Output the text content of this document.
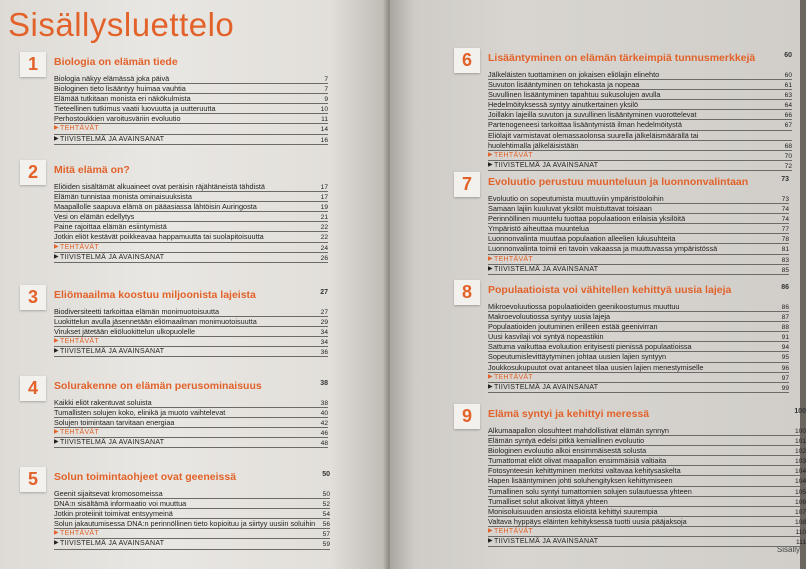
Sisällysluettelo
1	Biologia on elämän tiede
Biologia näkyy elämässä joka päivä	7
Biologinen tieto lisääntyy huimaa vauhtia	7
Elämää tutkitaan monista eri näkökulmista	9
Tieteellinen tutkimus vaatii luovuutta ja uutteruutta	10
Perhostoukkien varoitusväriin evoluutio	11
▶ TEHTÄVÄT	14
▶ TIIVISTELMÄ JA AVAINSANAT	16
2	Mitä elämä on?
Eliöiden sisältämät alkuaineet ovat peräisin räjähtäneistä tähdistä	17
Elämän tunnistaa monista ominaisuuksista	17
Maapallolle saapuva elämä on pääasiassa lähtöisin Auringosta	19
Vesi on elämän edellytys	21
Paine rajoittaa elämän esiintymistä	22
Jotkin eliöt kestävät poikkeavaa happamuutta tai suolapitoisuutta	22
▶ TEHTÄVÄT	24
▶ TIIVISTELMÄ JA AVAINSANAT	26
3	Eliömaailma koostuu miljoonista lajeista	27
Biodiversiteetti tarkoittaa elämän monimuotoisuutta	27
Luokittelun avulla jäsennetään eliömaailman monimuotoisuutta	29
Virukset jätetään eliöluokittelun ulkopuolelle	34
▶ TEHTÄVÄT	34
▶ TIIVISTELMÄ JA AVAINSANAT	36
4	Solurakenne on elämän perusominaisuus	38
Kaikki eliöt rakentuvat soluista	38
Tumallisten solujen koko, elinikä ja muoto vaihtelevat	40
Solujen toimintaan tarvitaan energiaa	42
▶ TEHTÄVÄT	46
▶ TIIVISTELMÄ JA AVAINSANAT	48
5	Solun toimintaohjeet ovat geeneissä	50
Geenit sijaitsevat kromosomeissa	50
DNA:n sisältämä informaatio voi muuttua	52
Jotkin proteiinit toimivat entsyymeinä	54
Solun jakautumisessa DNA:n perinnöllinen tieto kopioituu ja siirtyy uusiin soluihin 56
▶ TEHTÄVÄT	57
▶ TIIVISTELMÄ JA AVAINSANAT	59
Sisälly
6	Lisääntyminen on elämän tärkeimpiä tunnusmerkkejä	60
Jälkeläisten tuottaminen on jokaisen eliölajin elinehto	60
Suvuton lisääntyminen on tehokasta ja nopeaa	61
Suvullinen lisääntyminen tapahtuu sukusolujen avulla	63
Hedelmöityksessä syntyy ainutkertainen yksilö	64
Joillakin lajeilla suvuton ja suvullinen lisääntyminen vuorottelevat	66
Partenogeneesi tarkoittaa lisääntymistä ilman hedelmöitystä	67
Eliölajit varmistavat olemassaolonsa suurella jälkeläismäärällä tai
huolehtimalla jälkeläisistään	68
▶ TEHTÄVÄT	70
▶ TIIVISTELMÄ JA AVAINSANAT	72
7	Evoluutio perustuu muunteluun ja luonnonvalintaan	73
Evoluutio on sopeutumista muuttuviin ympäristöoloihin	73
Samaan lajiin kuuluvat yksilöt muistuttavat toisiaan	74
Perinnöllinen muuntelu tuottaa populaatioon erilaisia yksilöitä	74
Ympäristö aiheuttaa muuntelua	77
Luonnonvalinta muuttaa populaation alleelien lukusuhteita	78
Luonnonvalinta toimii eri tavoin vakaassa ja muuttuvassa ympäristössä	81
▶ TEHTÄVÄT	83
▶ TIIVISTELMÄ JA AVAINSANAT	85
8	Populaatioista voi vähitellen kehittyä uusia lajeja	86
Mikroevoluutiossa populaatioiden geenikoostumus muuttuu	86
Makroevoluutiossa syntyy uusia lajeja	87
Populaatioiden joutuminen erilleen estää geenivirran	88
Uusi kasvilaji voi syntyä nopeastikin	91
Sattuma vaikuttaa evoluution erityisesti pienissä populaatioissa	94
Sopeutumislevittäytyminen johtaa uusien lajien syntyyn	95
Joukkosukupuutot ovat antaneet tilaa uusien lajien menestymiselle	96
▶ TEHTÄVÄT	97
▶ TIIVISTELMÄ JA AVAINSANAT	99
9	Elämä syntyi ja kehittyi meressä	100
Alkumaapallon olosuhteet mahdollistivat elämän synnyn	100
Elämän syntyä edelsi pitkä kemiallinen evoluutio	101
Biologinen evoluutio alkoi ensimmäisestä solusta	102
Tumattomat eliöt olivat maapallon ensimmäisiä valtiaita	103
Fotosynteesin kehittyminen merkitsi valtavaa kehitysaskelta	104
Hapen lisääntyminen johti soluhengityksen kehittymiseen	104
Tumallinen solu syntyi tumattomien solujen sulautuessa yhteen	105
Tumalliset solut alkoivat liittyä yhteen	106
Monisoluisuuden ansiosta eliöistä kehittyi suurempia	107
Valtava hyppäys eläinten kehityksessä tuotti uusia pääjaksoja	108
▶ TEHTÄVÄT	110
▶ TIIVISTELMÄ JA AVAINSANAT	111
